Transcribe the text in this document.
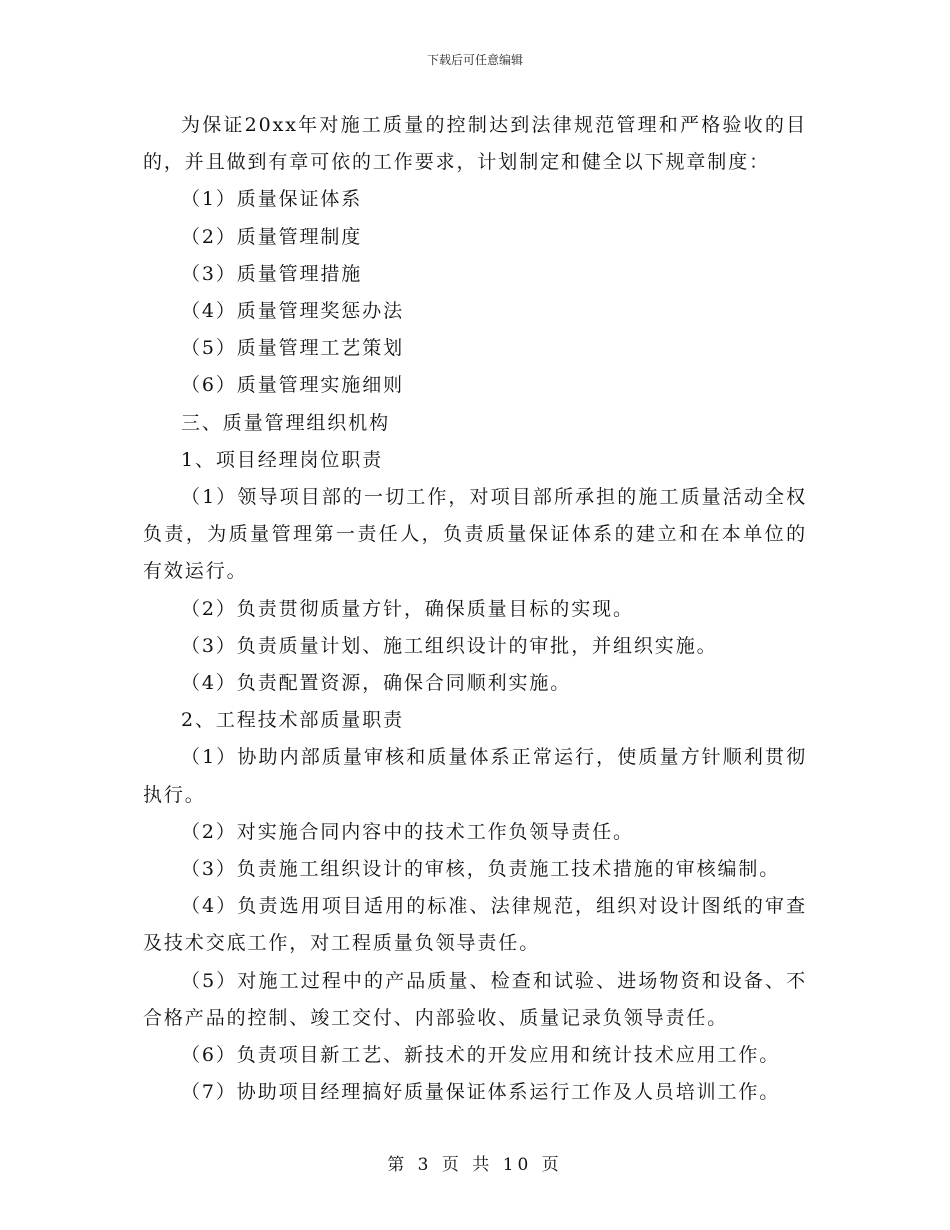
下载后可任意编辑

为保证20xx年对施工质量的控制达到法律规范管理和严格验收的目的，并且做到有章可依的工作要求，计划制定和健全以下规章制度：

（1）质量保证体系

（2）质量管理制度

（3）质量管理措施

（4）质量管理奖惩办法

（5）质量管理工艺策划

（6）质量管理实施细则

三、质量管理组织机构

1、项目经理岗位职责

（1）领导项目部的一切工作，对项目部所承担的施工质量活动全权负责，为质量管理第一责任人，负责质量保证体系的建立和在本单位的有效运行。

（2）负责贯彻质量方针，确保质量目标的实现。

（3）负责质量计划、施工组织设计的审批，并组织实施。

（4）负责配置资源，确保合同顺利实施。

2、工程技术部质量职责

（1）协助内部质量审核和质量体系正常运行，使质量方针顺利贯彻执行。

（2）对实施合同内容中的技术工作负领导责任。

（3）负责施工组织设计的审核，负责施工技术措施的审核编制。

（4）负责选用项目适用的标准、法律规范，组织对设计图纸的审查及技术交底工作，对工程质量负领导责任。

（5）对施工过程中的产品质量、检查和试验、进场物资和设备、不合格产品的控制、竣工交付、内部验收、质量记录负领导责任。

（6）负责项目新工艺、新技术的开发应用和统计技术应用工作。

（7）协助项目经理搞好质量保证体系运行工作及人员培训工作。

第 3 页 共 10 页
